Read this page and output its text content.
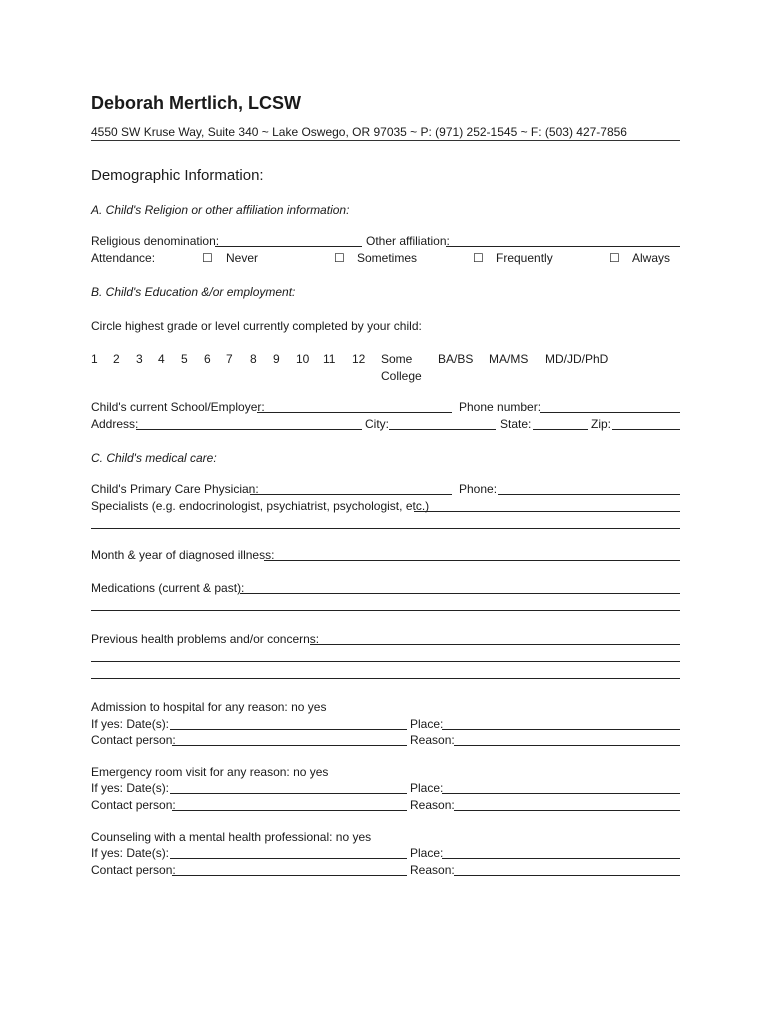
Deborah Mertlich, LCSW
4550 SW Kruse Way, Suite 340 ~ Lake Oswego, OR 97035 ~ P: (971) 252-1545 ~ F: (503) 427-7856
Demographic Information:
A. Child's Religion or other affiliation information:
Religious denomination:	Other affiliation:
Attendance:	☐ Never	☐ Sometimes	☐ Frequently	☐ Always
B. Child's Education &/or employment:
Circle highest grade or level currently completed by your child:
1 2 3 4 5 6 7 8 9 10 11 12 Some
College
BA/BS MA/MS MD/JD/PhD
Child's current School/Employer:	Phone number:
Address:	City:	State:	Zip:
C. Child's medical care:
Child's Primary Care Physician:	Phone:
Specialists (e.g. endocrinologist, psychiatrist, psychologist, etc.)
Month & year of diagnosed illness:
Medications (current & past):
Previous health problems and/or concerns:
Admission to hospital for any reason: no yes
If yes: Date(s):	Place:
Contact person:	Reason:
Emergency room visit for any reason: no yes
If yes: Date(s):	Place:
Contact person:	Reason:
Counseling with a mental health professional: no yes
If yes: Date(s):	Place:
Contact person:	Reason:
